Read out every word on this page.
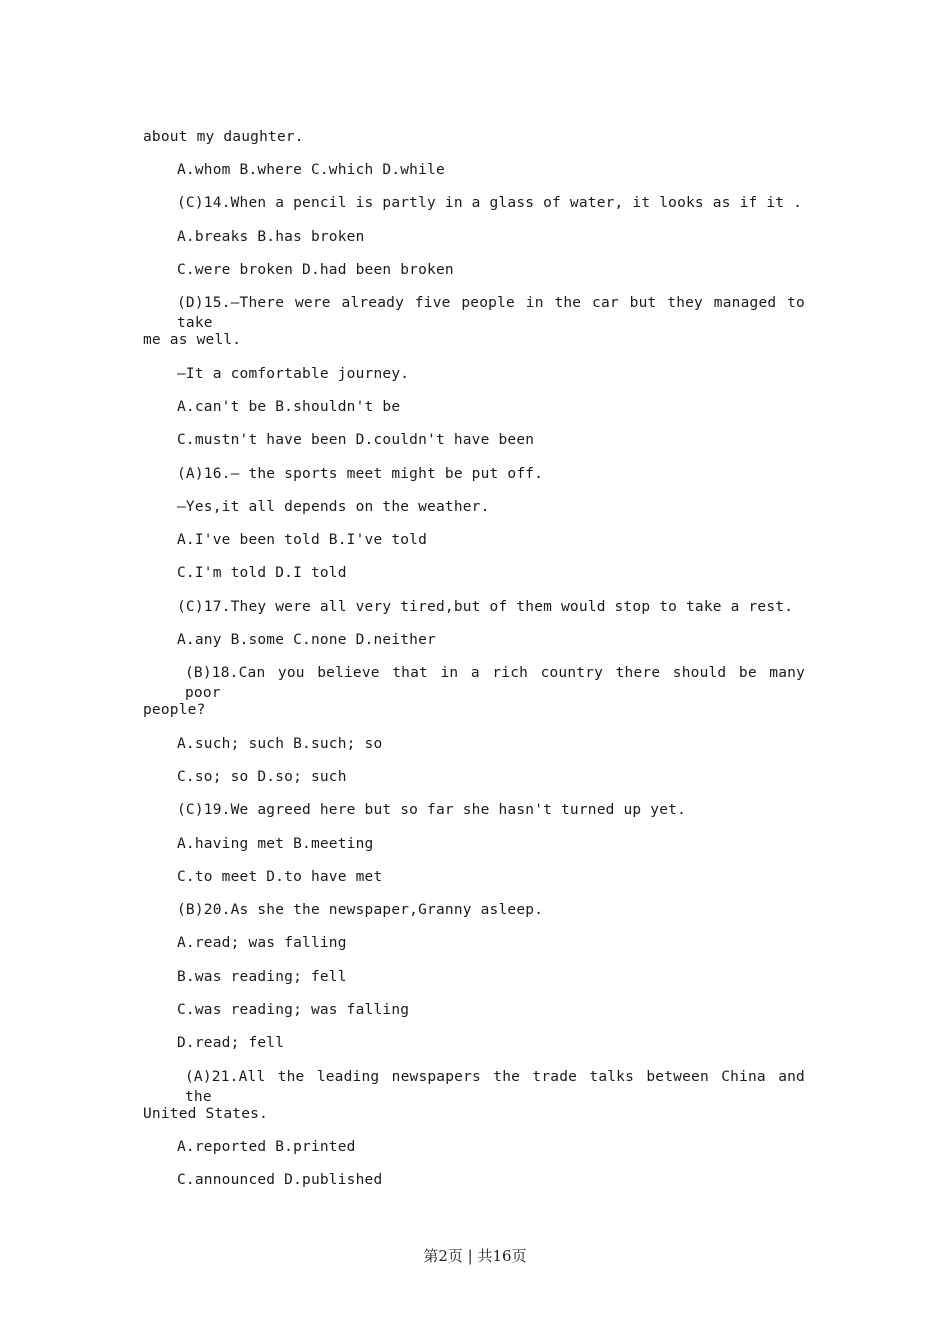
about my daughter.
A.whom B.where C.which D.while
(C)14.When a pencil is partly in a glass of water, it looks as if it .
A.breaks B.has broken
C.were broken D.had been broken
(D)15.—There were already five people in the car but they managed to take
me as well.
—It a comfortable journey.
A.can't be B.shouldn't be
C.mustn't have been D.couldn't have been
(A)16.— the sports meet might be put off.
—Yes,it all depends on the weather.
A.I've been told B.I've told
C.I'm told D.I told
(C)17.They were all very tired,but of them would stop to take a rest.
A.any B.some C.none D.neither
(B)18.Can you believe that in a rich country there should be many poor
people?
A.such; such B.such; so
C.so; so D.so; such
(C)19.We agreed here but so far she hasn't turned up yet.
A.having met B.meeting
C.to meet D.to have met
(B)20.As she the newspaper,Granny asleep.
A.read; was falling
B.was reading; fell
C.was reading; was falling
D.read; fell
(A)21.All the leading newspapers the trade talks between China and the
United States.
A.reported B.printed
C.announced D.published
第2页 | 共16页
